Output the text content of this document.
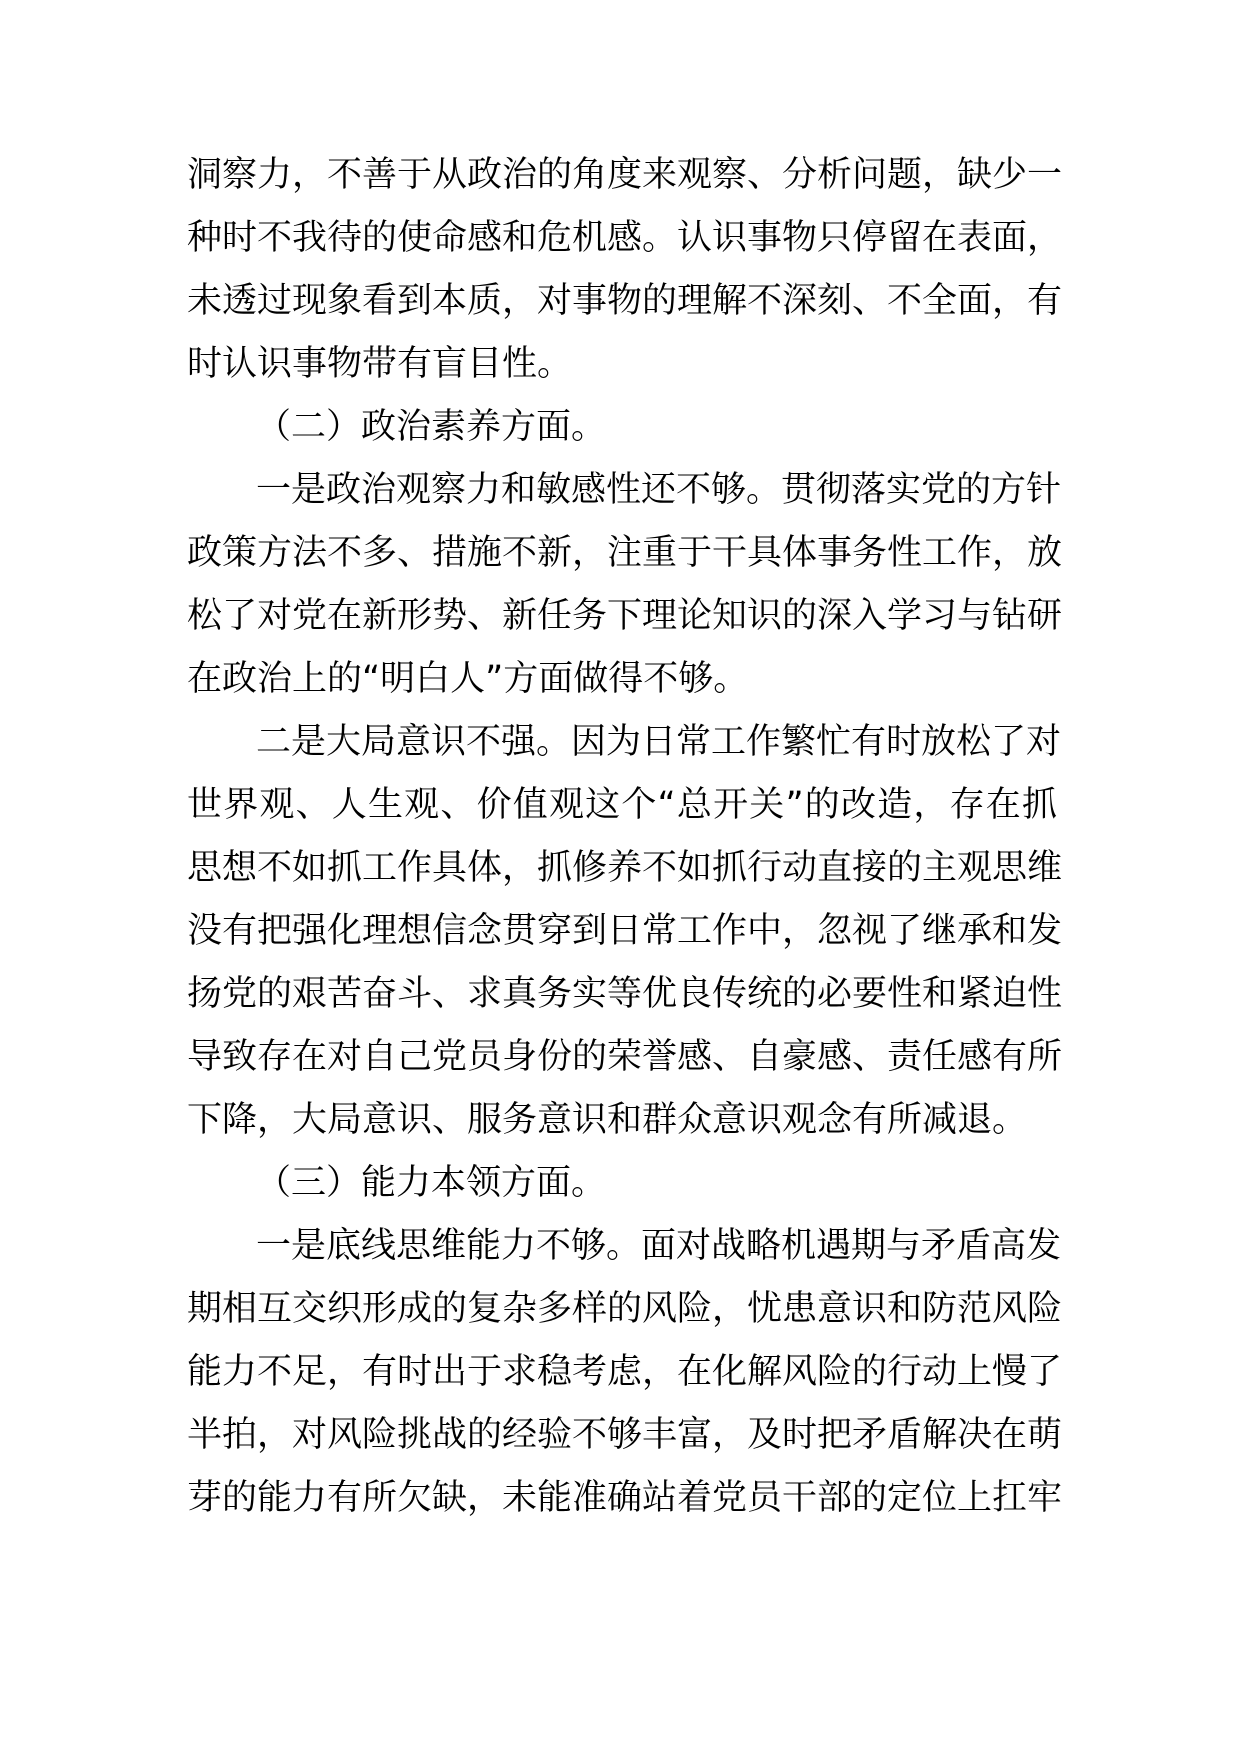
洞察力，不善于从政治的角度来观察、分析问题，缺少一
种时不我待的使命感和危机感。认识事物只停留在表面，
未透过现象看到本质，对事物的理解不深刻、不全面，有
时认识事物带有盲目性。
（二）政治素养方面。
一是政治观察力和敏感性还不够。贯彻落实党的方针
政策方法不多、措施不新，注重于干具体事务性工作，放
松了对党在新形势、新任务下理论知识的深入学习与钻研
在政治上的“明白人”方面做得不够。
二是大局意识不强。因为日常工作繁忙有时放松了对
世界观、人生观、价值观这个“总开关”的改造，存在抓
思想不如抓工作具体，抓修养不如抓行动直接的主观思维
没有把强化理想信念贯穿到日常工作中，忽视了继承和发
扬党的艰苦奋斗、求真务实等优良传统的必要性和紧迫性
导致存在对自己党员身份的荣誉感、自豪感、责任感有所
下降，大局意识、服务意识和群众意识观念有所减退。
（三）能力本领方面。
一是底线思维能力不够。面对战略机遇期与矛盾高发
期相互交织形成的复杂多样的风险，忧患意识和防范风险
能力不足，有时出于求稳考虑，在化解风险的行动上慢了
半拍，对风险挑战的经验不够丰富，及时把矛盾解决在萌
芽的能力有所欠缺，未能准确站着党员干部的定位上扛牢
